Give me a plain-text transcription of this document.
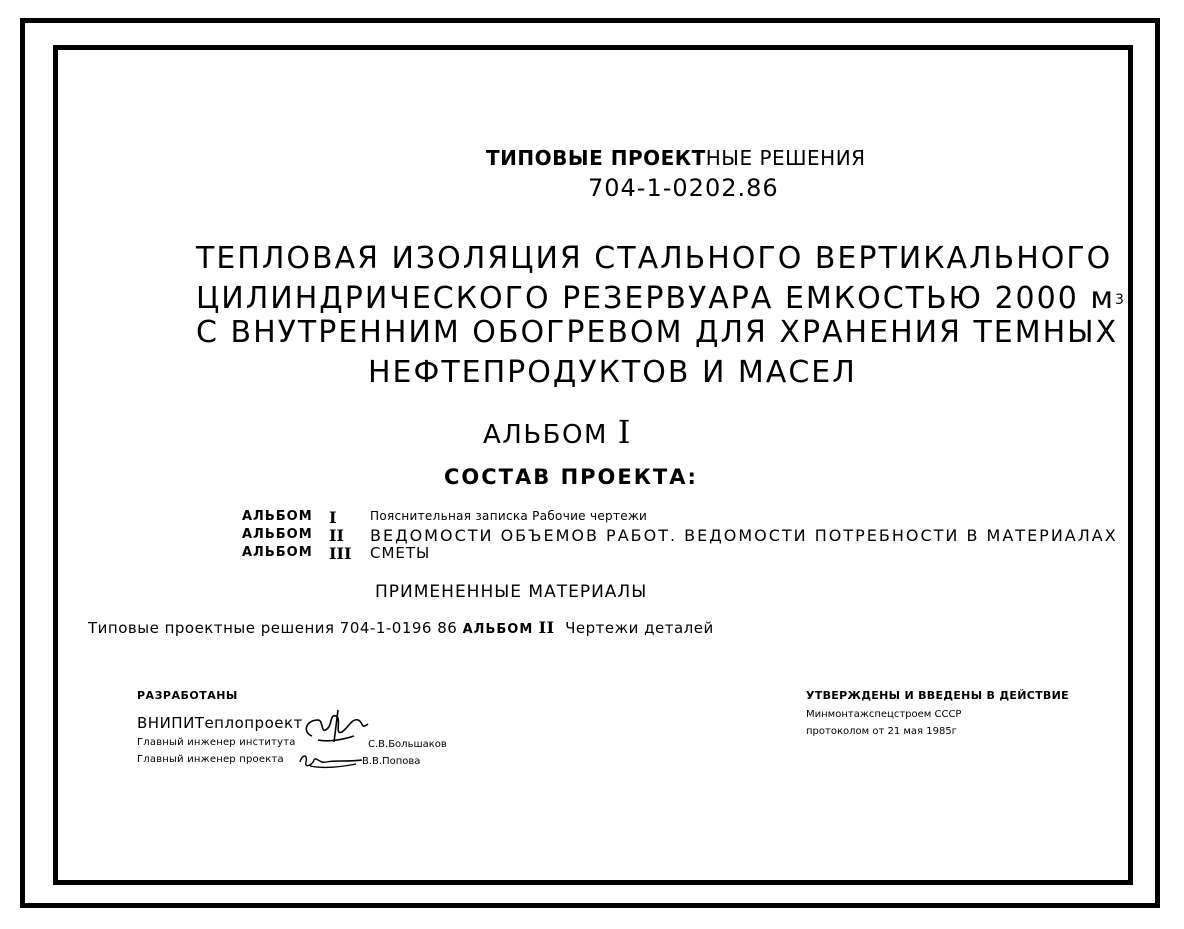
ТИПОВЫЕ ПРОЕКТНЫЕ РЕШЕНИЯ
704-1-0202.86
ТЕПЛОВАЯ ИЗОЛЯЦИЯ СТАЛЬНОГО ВЕРТИКАЛЬНОГО
ЦИЛИНДРИЧЕСКОГО РЕЗЕРВУАРА ЕМКОСТЬЮ 2000 м3
С ВНУТРЕННИМ ОБОГРЕВОМ ДЛЯ ХРАНЕНИЯ ТЕМНЫХ
НЕФТЕПРОДУКТОВ И МАСЕЛ
АЛЬБОМ I
СОСТАВ ПРОЕКТА:
АЛЬБОМ I	Пояснительная записка Рабочие чертежи
АЛЬБОМ II ВЕДОМОСТИ ОБЪЕМОВ РАБОТ. ВЕДОМОСТИ ПОТРЕБНОСТИ В МАТЕРИАЛАХ
АЛЬБОМ III СМЕТЫ
ПРИМЕНЕННЫЕ МАТЕРИАЛЫ
Типовые проектные решения 704-1-0196 86 АЛЬБОМ II Чертежи деталей
РАЗРАБОТАНЫ
ВНИПИТеплопроект
Главный инженер института
Главный инженер проекта
С.В.Большаков
В.В.Попова
УТВЕРЖДЕНЫ И ВВЕДЕНЫ В ДЕЙСТВИЕ
Минмонтажспецстроем СССР
протоколом от 21 мая 1985г
